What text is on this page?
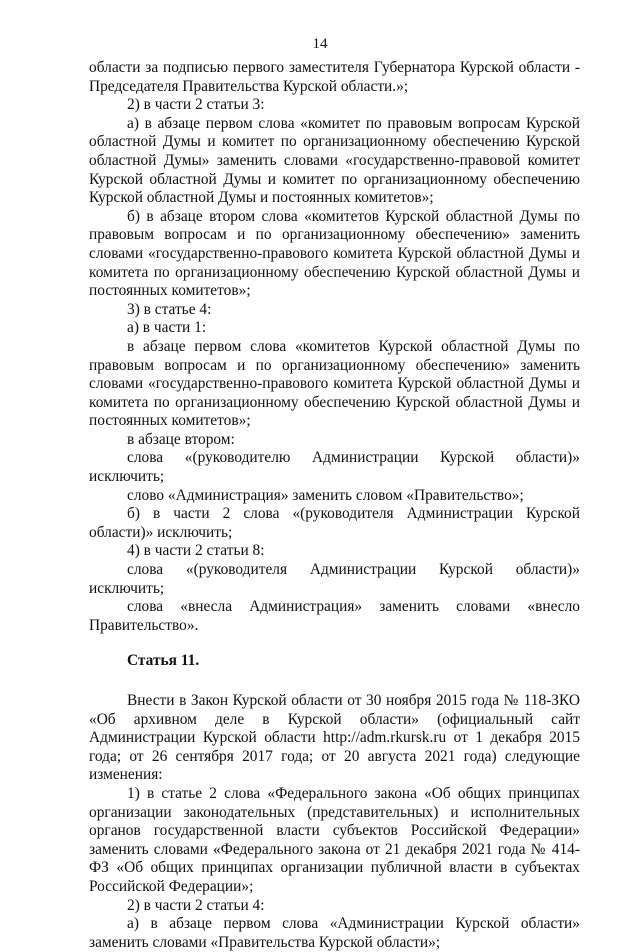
14

области за подписью первого заместителя Губернатора Курской области - Председателя Правительства Курской области.»;

2) в части 2 статьи 3:

а) в абзаце первом слова «комитет по правовым вопросам Курской областной Думы и комитет по организационному обеспечению Курской областной Думы» заменить словами «государственно-правовой комитет Курской областной Думы и комитет по организационному обеспечению Курской областной Думы и постоянных комитетов»;

б) в абзаце втором слова «комитетов Курской областной Думы по правовым вопросам и по организационному обеспечению» заменить словами «государственно-правового комитета Курской областной Думы и комитета по организационному обеспечению Курской областной Думы и постоянных комитетов»;

3) в статье 4:

а) в части 1:

в абзаце первом слова «комитетов Курской областной Думы по правовым вопросам и по организационному обеспечению» заменить словами «государственно-правового комитета Курской областной Думы и комитета по организационному обеспечению Курской областной Думы и постоянных комитетов»;

в абзаце втором:

слова «(руководителю Администрации Курской области)» исключить;

слово «Администрация» заменить словом «Правительство»;

б) в части 2 слова «(руководителя Администрации Курской области)» исключить;

4) в части 2 статьи 8:

слова «(руководителя Администрации Курской области)» исключить;

слова «внесла Администрация» заменить словами «внесло Правительство».

Статья 11.

Внести в Закон Курской области от 30 ноября 2015 года № 118-ЗКО «Об архивном деле в Курской области» (официальный сайт Администрации Курской области http://adm.rkursk.ru от 1 декабря 2015 года; от 26 сентября 2017 года; от 20 августа 2021 года) следующие изменения:

1) в статье 2 слова «Федерального закона «Об общих принципах организации законодательных (представительных) и исполнительных органов государственной власти субъектов Российской Федерации» заменить словами «Федерального закона от 21 декабря 2021 года № 414-ФЗ «Об общих принципах организации публичной власти в субъектах Российской Федерации»;

2) в части 2 статьи 4:

а) в абзаце первом слова «Администрации Курской области» заменить словами «Правительства Курской области»;
